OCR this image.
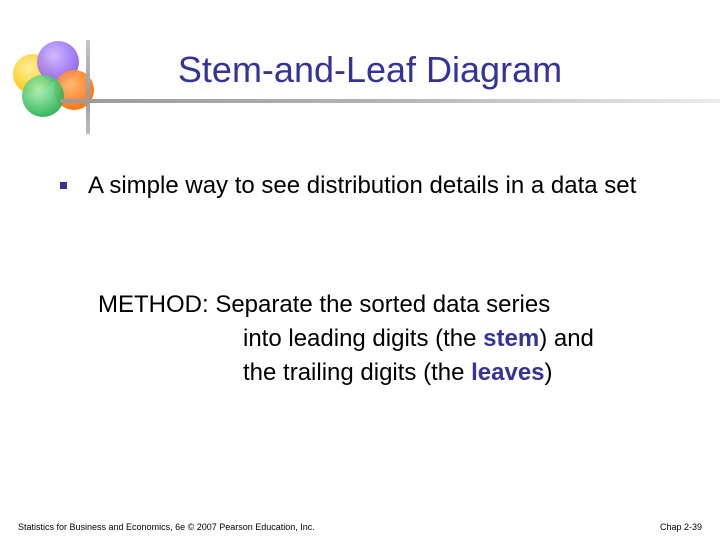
Stem-and-Leaf Diagram
A simple way to see distribution details in a data set
METHOD: Separate the sorted data series
into leading digits (the stem) and
the trailing digits (the leaves)
Statistics for Business and Economics, 6e © 2007 Pearson Education, Inc.	Chap 2-39
